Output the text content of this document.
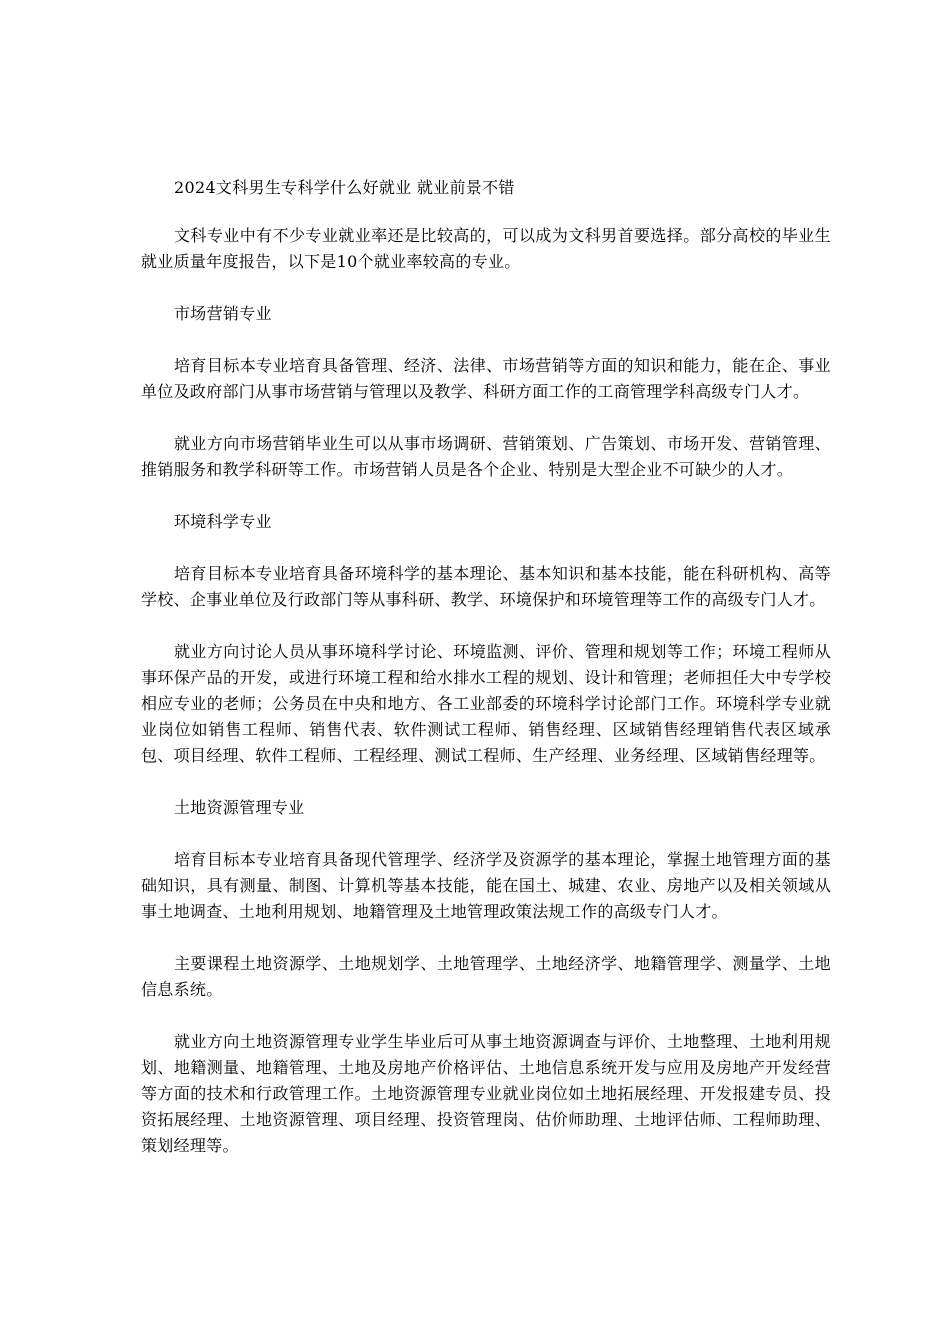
2024文科男生专科学什么好就业 就业前景不错

文科专业中有不少专业就业率还是比较高的，可以成为文科男首要选择。部分高校的毕业生就业质量年度报告，以下是10个就业率较高的专业。

市场营销专业

培育目标本专业培育具备管理、经济、法律、市场营销等方面的知识和能力，能在企、事业单位及政府部门从事市场营销与管理以及教学、科研方面工作的工商管理学科高级专门人才。

就业方向市场营销毕业生可以从事市场调研、营销策划、广告策划、市场开发、营销管理、推销服务和教学科研等工作。市场营销人员是各个企业、特别是大型企业不可缺少的人才。

环境科学专业

培育目标本专业培育具备环境科学的基本理论、基本知识和基本技能，能在科研机构、高等学校、企事业单位及行政部门等从事科研、教学、环境保护和环境管理等工作的高级专门人才。

就业方向讨论人员从事环境科学讨论、环境监测、评价、管理和规划等工作；环境工程师从事环保产品的开发，或进行环境工程和给水排水工程的规划、设计和管理；老师担任大中专学校相应专业的老师；公务员在中央和地方、各工业部委的环境科学讨论部门工作。环境科学专业就业岗位如销售工程师、销售代表、软件测试工程师、销售经理、区域销售经理销售代表区域承包、项目经理、软件工程师、工程经理、测试工程师、生产经理、业务经理、区域销售经理等。

土地资源管理专业

培育目标本专业培育具备现代管理学、经济学及资源学的基本理论，掌握土地管理方面的基础知识，具有测量、制图、计算机等基本技能，能在国土、城建、农业、房地产以及相关领域从事土地调查、土地利用规划、地籍管理及土地管理政策法规工作的高级专门人才。

主要课程土地资源学、土地规划学、土地管理学、土地经济学、地籍管理学、测量学、土地信息系统。

就业方向土地资源管理专业学生毕业后可从事土地资源调查与评价、土地整理、土地利用规划、地籍测量、地籍管理、土地及房地产价格评估、土地信息系统开发与应用及房地产开发经营等方面的技术和行政管理工作。土地资源管理专业就业岗位如土地拓展经理、开发报建专员、投资拓展经理、土地资源管理、项目经理、投资管理岗、估价师助理、土地评估师、工程师助理、策划经理等。
